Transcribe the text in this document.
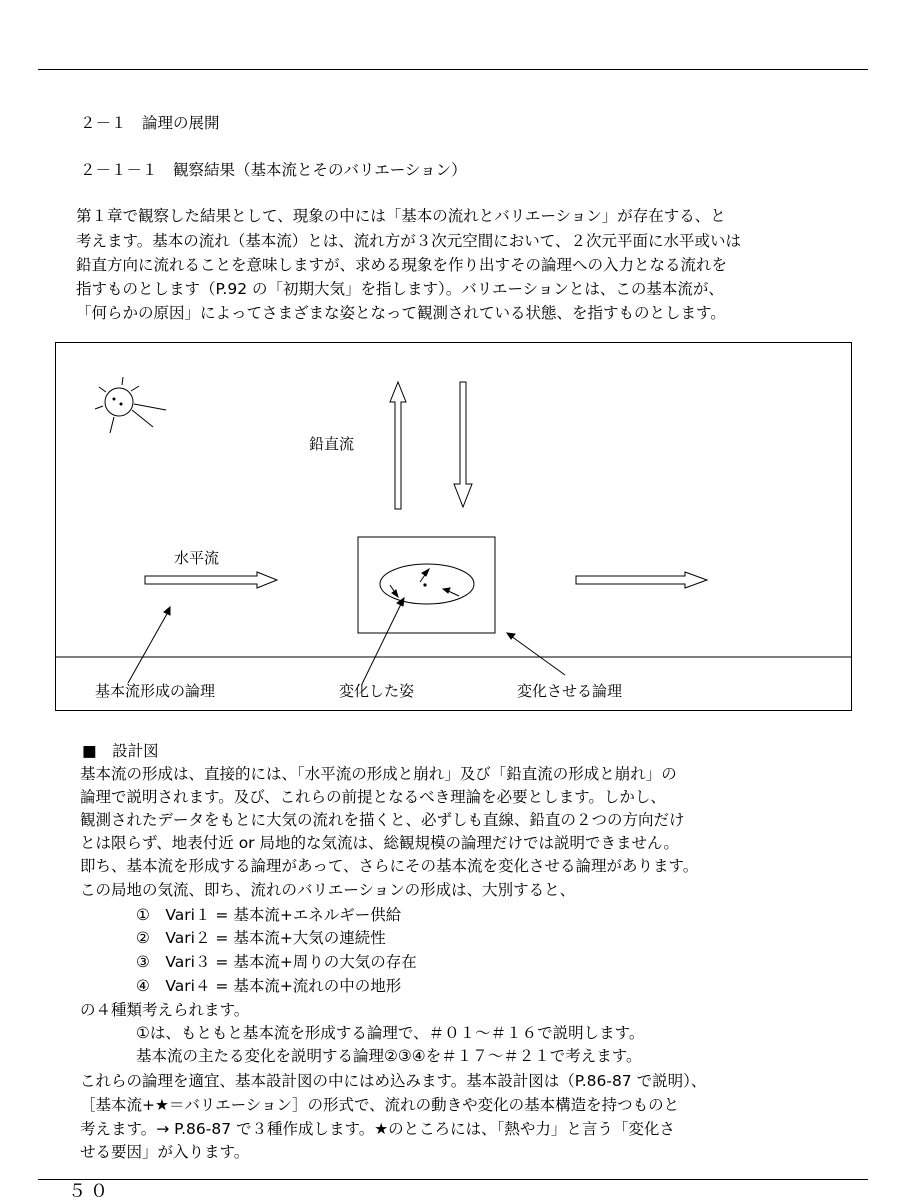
２－１　論理の展開
２－１－１　観察結果（基本流とそのバリエーション）
第１章で観察した結果として、現象の中には「基本の流れとバリエーション」が存在する、と
考えます。基本の流れ（基本流）とは、流れ方が３次元空間において、２次元平面に水平或いは
鉛直方向に流れることを意味しますが、求める現象を作り出すその論理への入力となる流れを
指すものとします（P.92 の「初期大気」を指します）。バリエーションとは、この基本流が、
「何らかの原因」によってさまざまな姿となって観測されている状態、を指すものとします。
鉛直流
水平流
基本流形成の論理	変化した姿	変化させる論理
■　設計図
基本流の形成は、直接的には、「水平流の形成と崩れ」及び「鉛直流の形成と崩れ」の
論理で説明されます。及び、これらの前提となるべき理論を必要とします。しかし、
観測されたデータをもとに大気の流れを描くと、必ずしも直線、鉛直の２つの方向だけ
とは限らず、地表付近 or 局地的な気流は、総観規模の論理だけでは説明できません。
即ち、基本流を形成する論理があって、さらにその基本流を変化させる論理があります。
この局地の気流、即ち、流れのバリエーションの形成は、大別すると、
①　Vari１ = 基本流+エネルギー供給
②　Vari２ = 基本流+大気の連続性
③　Vari３ = 基本流+周りの大気の存在
④　Vari４ = 基本流+流れの中の地形
の４種類考えられます。
①は、もともと基本流を形成する論理で、＃０１～＃１６で説明します。
基本流の主たる変化を説明する論理②③④を＃１７～＃２１で考えます。
これらの論理を適宜、基本設計図の中にはめ込みます。基本設計図は（P.86-87 で説明）、
［基本流+★＝バリエーション］の形式で、流れの動きや変化の基本構造を持つものと
考えます。→ P.86-87 で３種作成します。★のところには、「熱や力」と言う「変化さ
せる要因」が入ります。
５０
